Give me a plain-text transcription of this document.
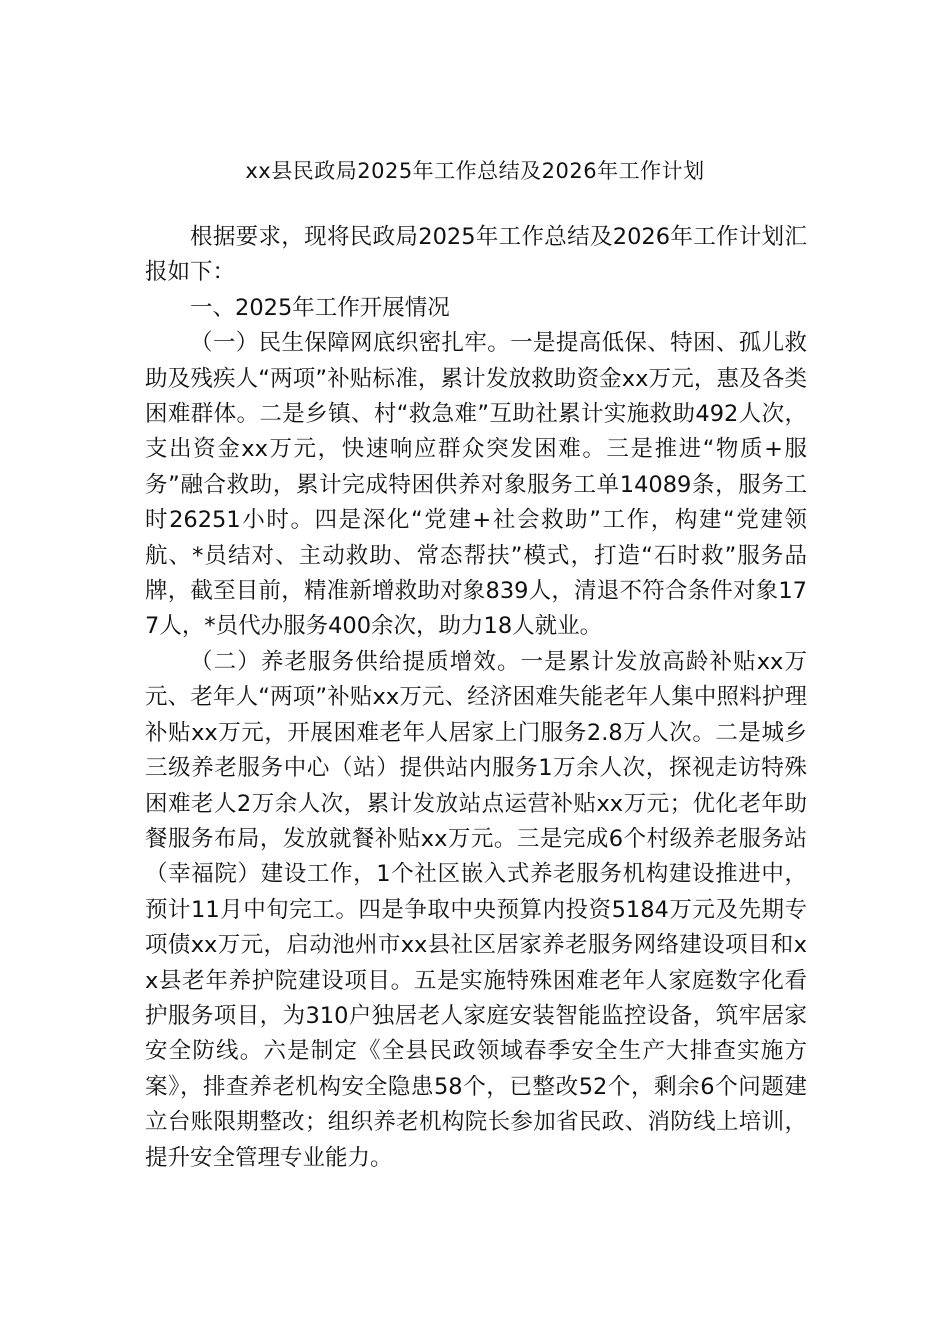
xx县民政局2025年工作总结及2026年工作计划

根据要求，现将民政局2025年工作总结及2026年工作计划汇报如下：

一、2025年工作开展情况

（一）民生保障网底织密扎牢。一是提高低保、特困、孤儿救助及残疾人“两项”补贴标准，累计发放救助资金xx万元，惠及各类困难群体。二是乡镇、村“救急难”互助社累计实施救助492人次，支出资金xx万元，快速响应群众突发困难。三是推进“物质+服务”融合救助，累计完成特困供养对象服务工单14089条，服务工时26251小时。四是深化“党建+社会救助”工作，构建“党建领航、*员结对、主动救助、常态帮扶”模式，打造“石时救”服务品牌，截至目前，精准新增救助对象839人，清退不符合条件对象177人，*员代办服务400余次，助力18人就业。

（二）养老服务供给提质增效。一是累计发放高龄补贴xx万元、老年人“两项”补贴xx万元、经济困难失能老年人集中照料护理补贴xx万元，开展困难老年人居家上门服务2.8万人次。二是城乡三级养老服务中心（站）提供站内服务1万余人次，探视走访特殊困难老人2万余人次，累计发放站点运营补贴xx万元；优化老年助餐服务布局，发放就餐补贴xx万元。三是完成6个村级养老服务站（幸福院）建设工作，1个社区嵌入式养老服务机构建设推进中，预计11月中旬完工。四是争取中央预算内投资5184万元及先期专项债xx万元，启动池州市xx县社区居家养老服务网络建设项目和xx县老年养护院建设项目。五是实施特殊困难老年人家庭数字化看护服务项目，为310户独居老人家庭安装智能监控设备，筑牢居家安全防线。六是制定《全县民政领域春季安全生产大排查实施方案》，排查养老机构安全隐患58个，已整改52个，剩余6个问题建立台账限期整改；组织养老机构院长参加省民政、消防线上培训，提升安全管理专业能力。
